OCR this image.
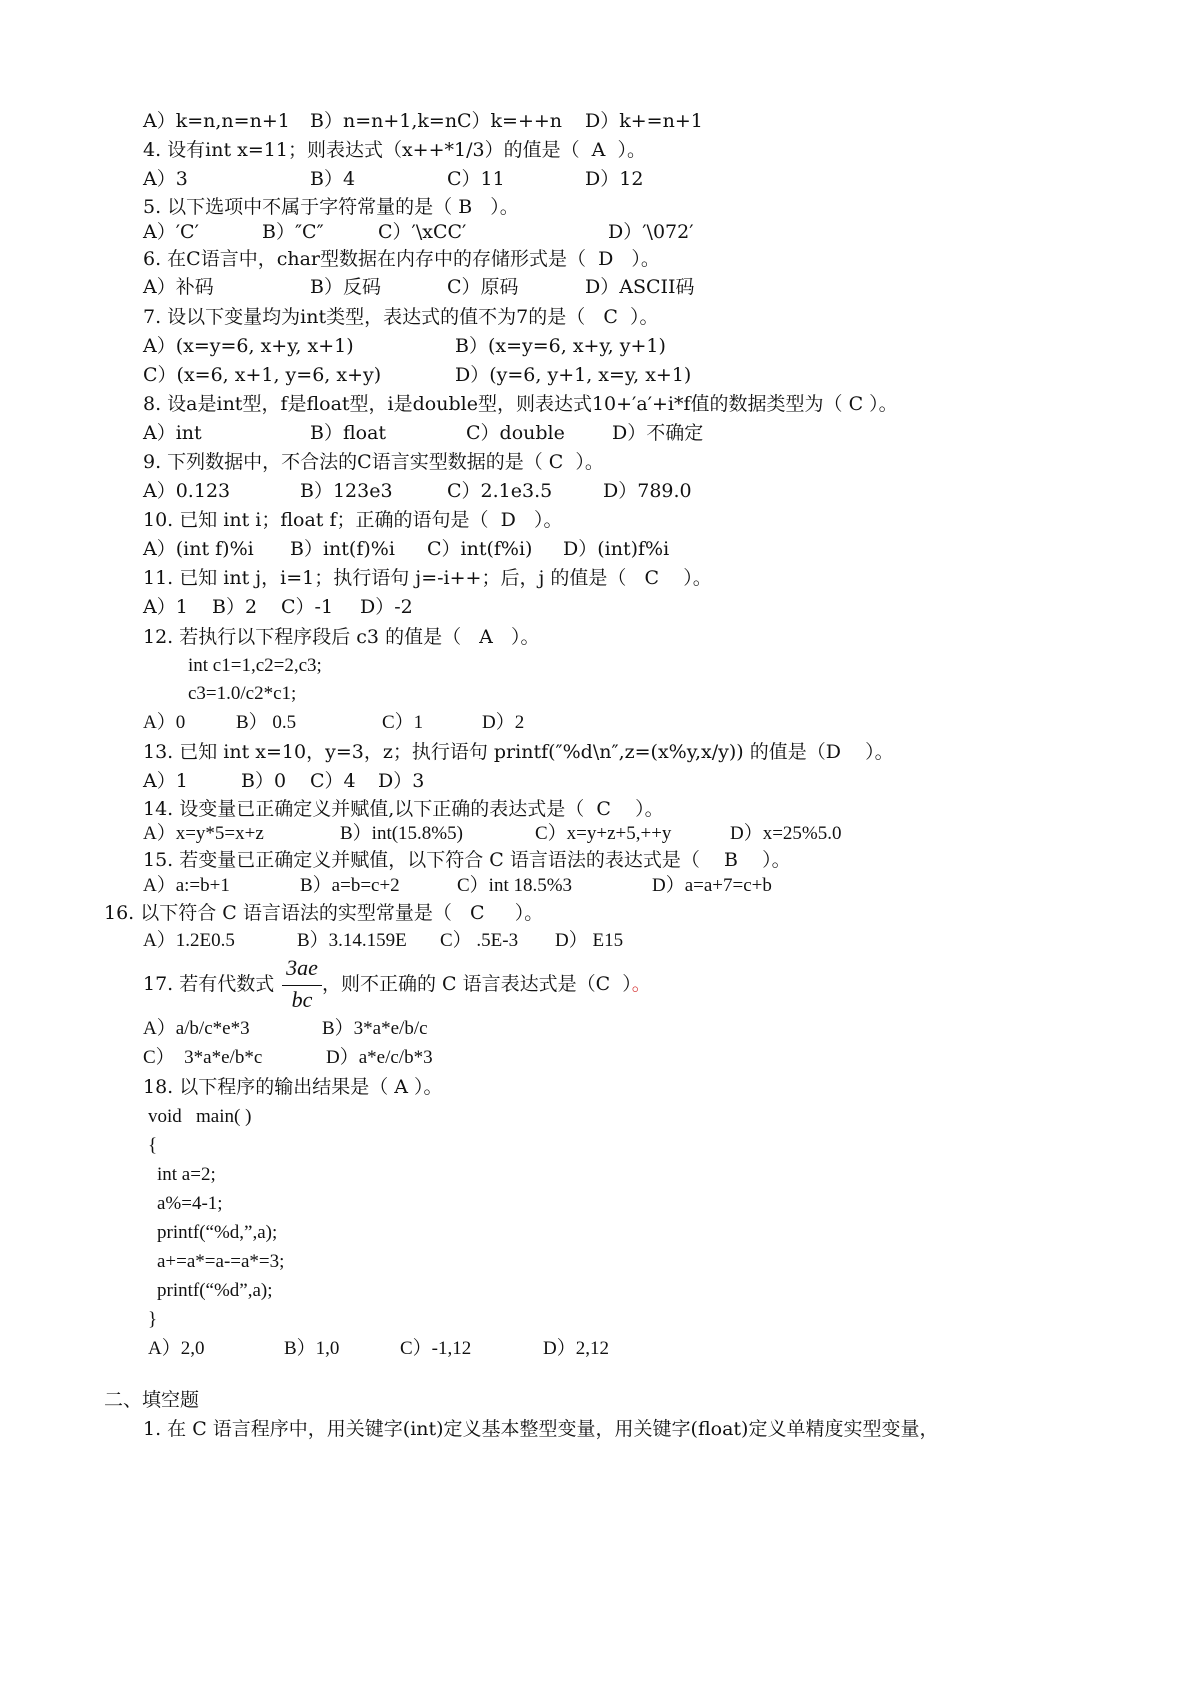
A）k=n,n=n+1 B）n=n+1,k=n C）k=++n D）k+=n+1
4. 设有int x=11；则表达式（x++*1/3）的值是（  A  ）。
A）3	B）4	C）11	D）12
5. 以下选项中不属于字符常量的是（ B   ）。
A）′C′	B）″C″	C）′\xCC′	D）′\072′
6. 在C语言中，char型数据在内存中的存储形式是（  D   ）。
A）补码	B）反码	C）原码	D）ASCII码
7. 设以下变量均为int类型，表达式的值不为7的是（   C  ）。
A）(x=y=6, x+y, x+1)	B）(x=y=6, x+y, y+1)
C）(x=6, x+1, y=6, x+y)	D）(y=6, y+1, x=y, x+1)
8. 设a是int型，f是float型，i是double型，则表达式10+′a′+i*f值的数据类型为（ C ）。
A）int	B）float	C）double D）不确定
9. 下列数据中，不合法的C语言实型数据的是（ C  ）。
A）0.123	B）123e3	C）2.1e3.5	D）789.0
10. 已知 int i；float f；正确的语句是（  D   ）。
A）(int f)%i B）int(f)%i C）int(f%i) D）(int)f%i
11. 已知 int j，i=1；执行语句 j=-i++；后，j 的值是（   C    ）。
A）1 B）2 C）-1 D）-2
12. 若执行以下程序段后 c3 的值是（   A   ）。
int c1=1,c2=2,c3;
c3=1.0/c2*c1;
A）0	B） 0.5	C）1	D）2
13. 已知 int x=10，y=3，z；执行语句 printf(″%d\n″,z=(x%y,x/y)) 的值是（D    ）。
A）1	B）0 C）4 D）3
14. 设变量已正确定义并赋值,以下正确的表达式是（  C    ）。
A）x=y*5=x+z	B）int(15.8%5)	C）x=y+z+5,++y	D）x=25%5.0
15. 若变量已正确定义并赋值，以下符合 C 语言语法的表达式是（    B    ）。
A）a:=b+1	B）a=b=c+2	C）int 18.5%3	D）a=a+7=c+b
16. 以下符合 C 语言语法的实型常量是（   C     ）。
A）1.2E0.5	B）3.14.159E C） .5E-3 D） E15
17. 若有代数式
3ae
bc
，则不正确的 C 语言表达式是（C  ）。
A）a/b/c*e*3	B）3*a*e/b/c
C）  3*a*e/b*c	D）a*e/c/b*3
18. 以下程序的输出结果是（ A ）。
void   main( )
{
int a=2;
a%=4-1;
printf(“%d,”,a);
a+=a*=a-=a*=3;
printf(“%d”,a);
}
A）2,0	B）1,0	C）-1,12	D）2,12
二、填空题
1. 在 C 语言程序中，用关键字(int)定义基本整型变量，用关键字(float)定义单精度实型变量，
